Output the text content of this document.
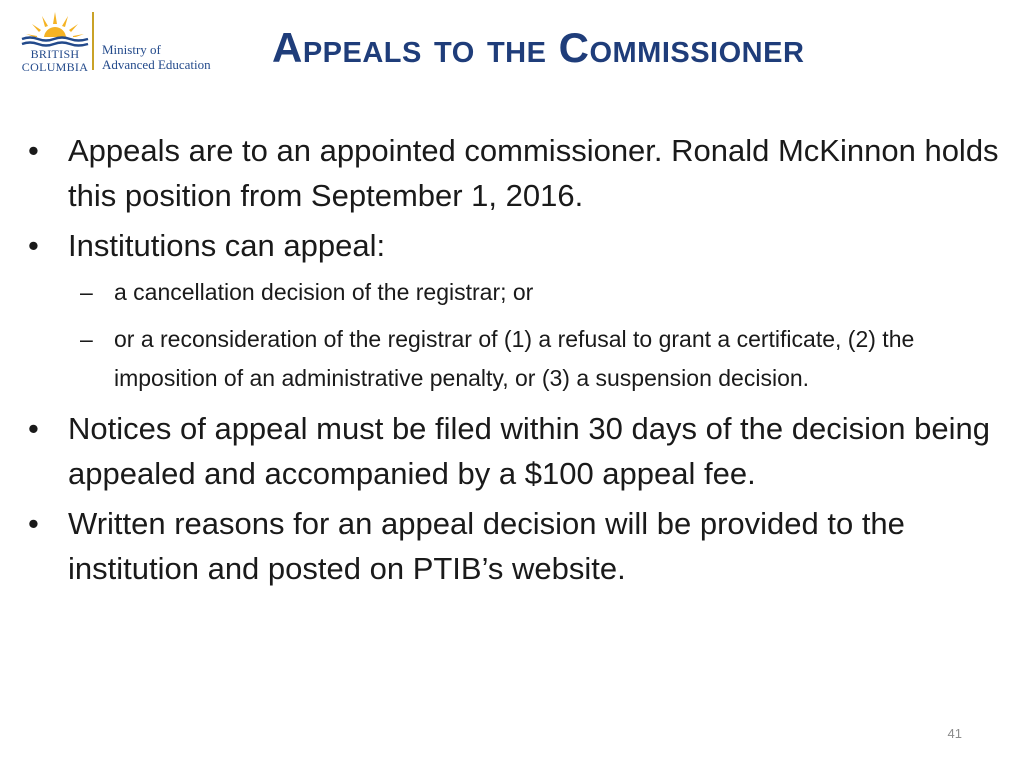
BRITISH
COLUMBIA
Ministry of
Advanced Education Appeals to the Commissioner
• Appeals are to an appointed commissioner. Ronald McKinnon holds this position from September 1, 2016.
• Institutions can appeal:
– a cancellation decision of the registrar; or
– or a reconsideration of the registrar of (1) a refusal to grant a certificate, (2) the imposition of an administrative penalty, or (3) a suspension decision.
• Notices of appeal must be filed within 30 days of the decision being appealed and accompanied by a $100 appeal fee.
• Written reasons for an appeal decision will be provided to the institution and posted on PTIB’s website.
41
